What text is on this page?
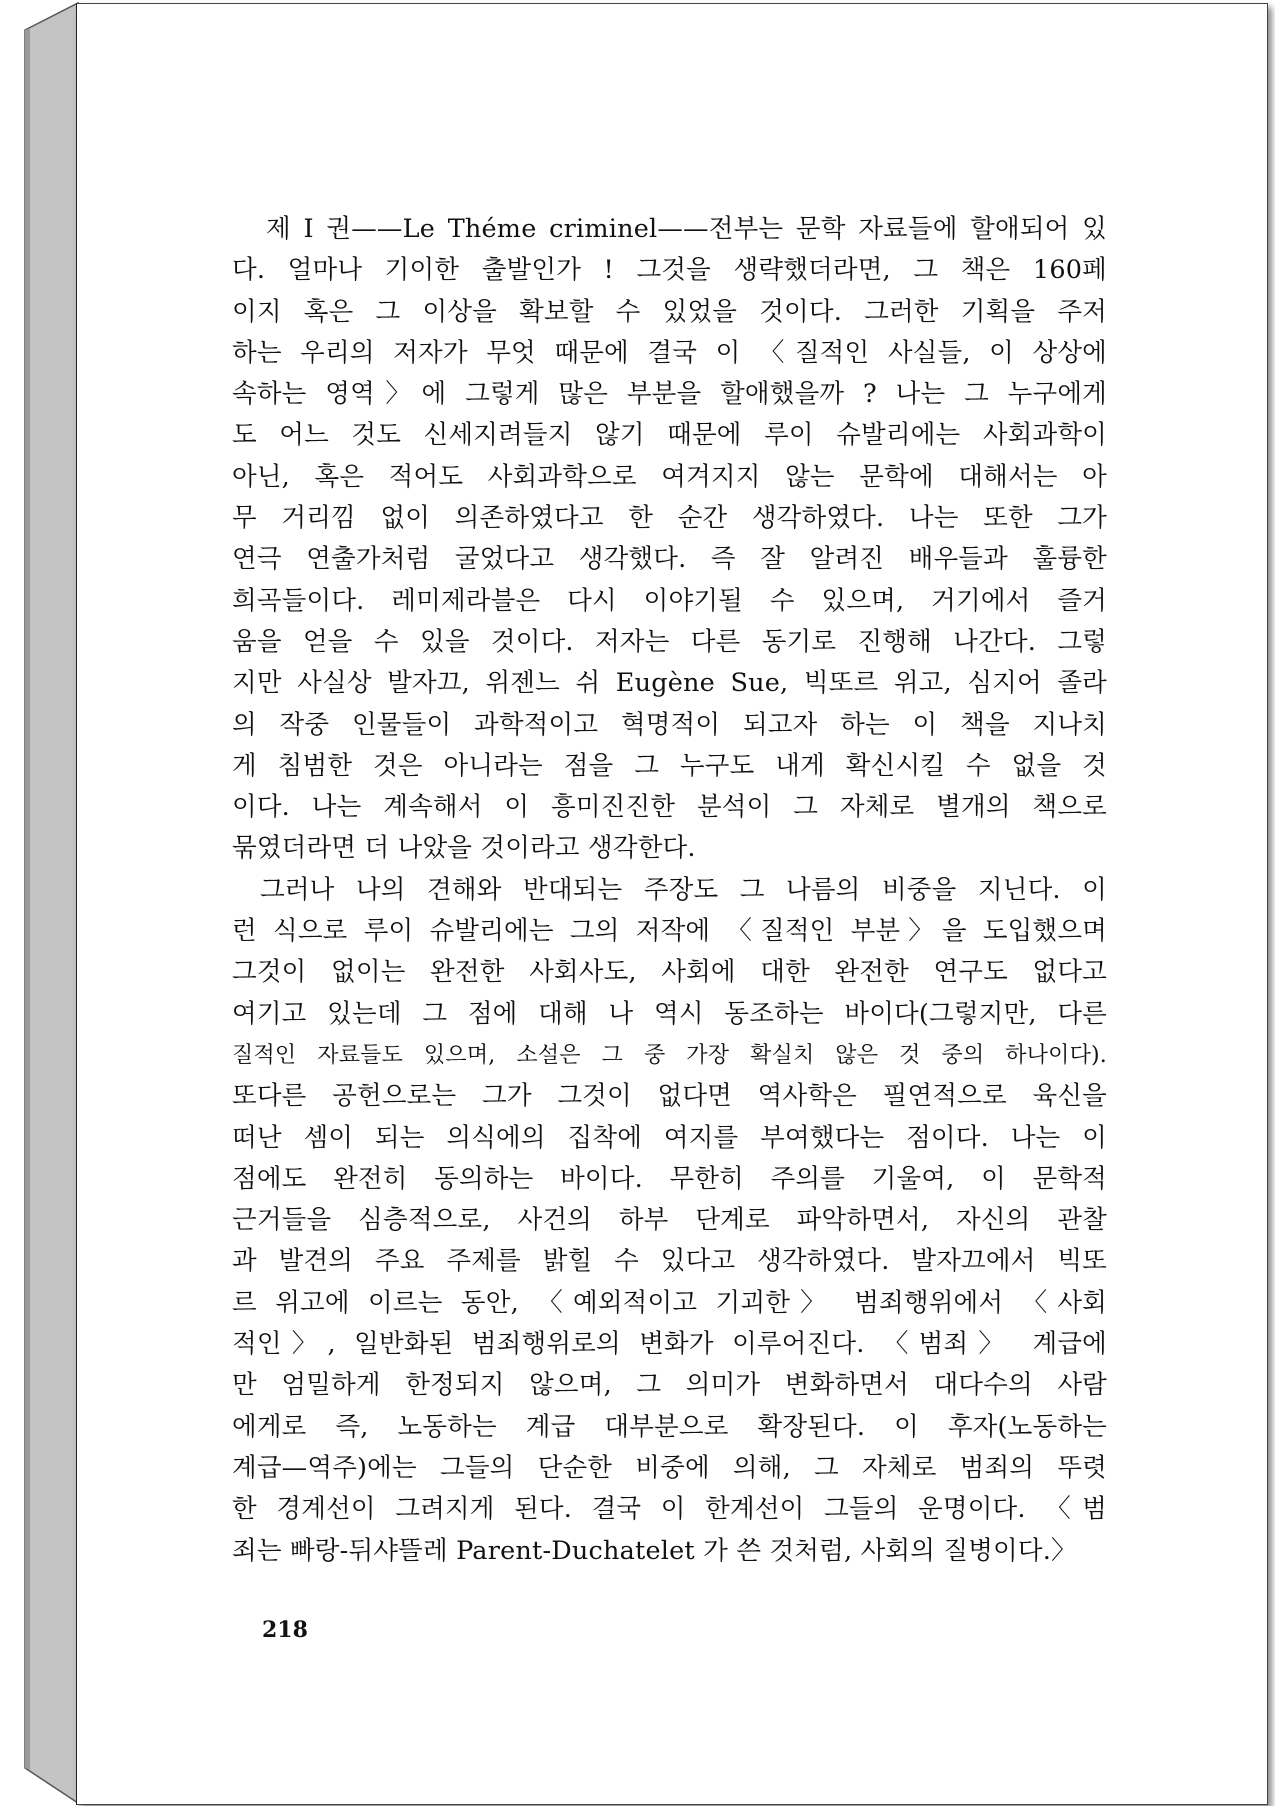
제 I 권——Le Théme criminel——전부는 문학 자료들에 할애되어 있
다. 얼마나 기이한 출발인가 ! 그것을 생략했더라면, 그 책은 160페
이지 혹은 그 이상을 확보할 수 있었을 것이다. 그러한 기획을 주저
하는 우리의 저자가 무엇 때문에 결국 이 〈질적인 사실들, 이 상상에
속하는 영역〉에 그렇게 많은 부분을 할애했을까 ? 나는 그 누구에게
도 어느 것도 신세지려들지 않기 때문에 루이 슈발리에는 사회과학이
아닌, 혹은 적어도 사회과학으로 여겨지지 않는 문학에 대해서는 아
무 거리낌 없이 의존하였다고 한 순간 생각하였다. 나는 또한 그가
연극 연출가처럼 굴었다고 생각했다. 즉 잘 알려진 배우들과 훌륭한
희곡들이다. 레미제라블은 다시 이야기될 수 있으며, 거기에서 즐거
움을 얻을 수 있을 것이다. 저자는 다른 동기로 진행해 나간다. 그렇
지만 사실상 발자끄, 위젠느 쉬 Eugène Sue, 빅또르 위고, 심지어 졸라
의 작중 인물들이 과학적이고 혁명적이 되고자 하는 이 책을 지나치
게 침범한 것은 아니라는 점을 그 누구도 내게 확신시킬 수 없을 것
이다. 나는 계속해서 이 흥미진진한 분석이 그 자체로 별개의 책으로
묶였더라면 더 나았을 것이라고 생각한다.
그러나 나의 견해와 반대되는 주장도 그 나름의 비중을 지닌다. 이
런 식으로 루이 슈발리에는 그의 저작에 〈질적인 부분〉을 도입했으며
그것이 없이는 완전한 사회사도, 사회에 대한 완전한 연구도 없다고
여기고 있는데 그 점에 대해 나 역시 동조하는 바이다(그렇지만, 다른
질적인 자료들도 있으며, 소설은 그 중 가장 확실치 않은 것 중의 하나이다).
또다른 공헌으로는 그가 그것이 없다면 역사학은 필연적으로 육신을
떠난 셈이 되는 의식에의 집착에 여지를 부여했다는 점이다. 나는 이
점에도 완전히 동의하는 바이다. 무한히 주의를 기울여, 이 문학적
근거들을 심층적으로, 사건의 하부 단계로 파악하면서, 자신의 관찰
과 발견의 주요 주제를 밝힐 수 있다고 생각하였다. 발자끄에서 빅또
르 위고에 이르는 동안, 〈예외적이고 기괴한〉 범죄행위에서 〈사회
적인〉, 일반화된 범죄행위로의 변화가 이루어진다. 〈범죄〉 계급에
만 엄밀하게 한정되지 않으며, 그 의미가 변화하면서 대다수의 사람
에게로 즉, 노동하는 계급 대부분으로 확장된다. 이 후자(노동하는
계급—역주)에는 그들의 단순한 비중에 의해, 그 자체로 범죄의 뚜렷
한 경계선이 그려지게 된다. 결국 이 한계선이 그들의 운명이다. 〈범
죄는 빠랑-뒤샤뜰레 Parent-Duchatelet 가 쓴 것처럼, 사회의 질병이다.〉
218
